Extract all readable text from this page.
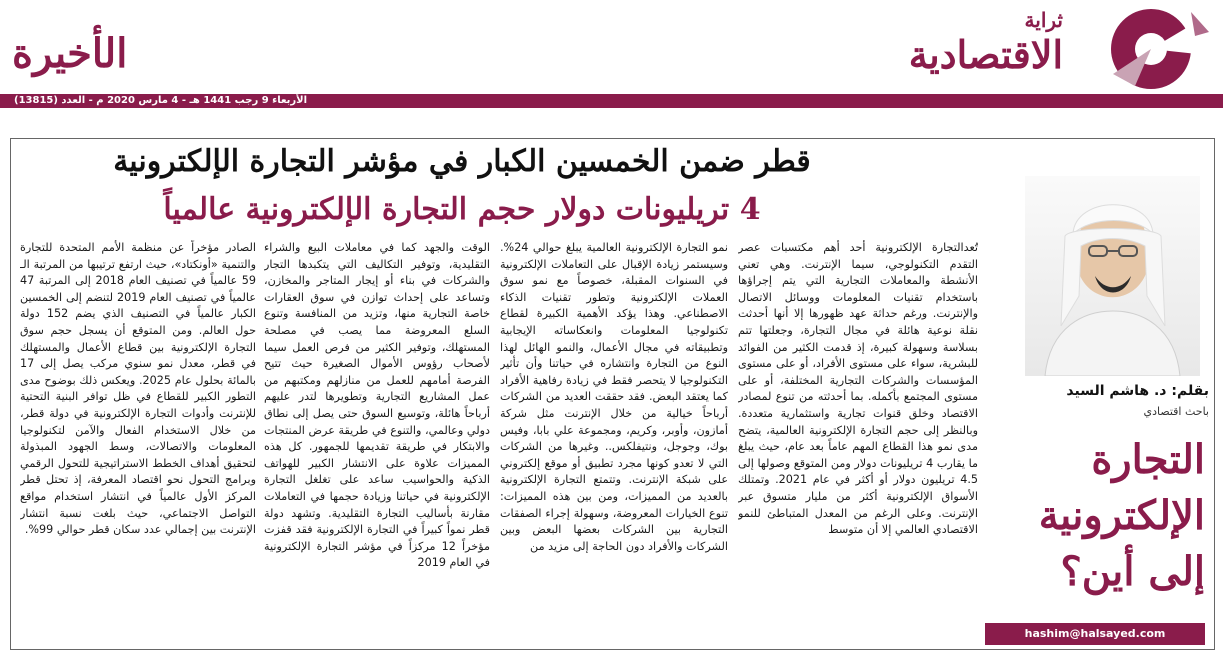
الأخيرة
ثراية
الاقتصادية
الأربعاء 9 رجب 1441 هـ - 4 مارس 2020 م - العدد (13815)
قطر ضمن الخمسين الكبار في مؤشر التجارة الإلكترونية
4 تريليونات دولار حجم التجارة الإلكترونية عالمياً
بقلم: د. هاشم السيد
باحث اقتصادي
التجارة الإلكترونية إلى أين؟
hashim@halsayed.com

تُعدالتجارة الإلكترونية أحد أهم مكتسبات عصر التقدم التكنولوجي، سيما الإنترنت. وهي تعني الأنشطة والمعاملات التجارية التي يتم إجراؤها باستخدام تقنيات المعلومات ووسائل الاتصال والإنترنت. ورغم حداثة عهد ظهورها إلا أنها أحدثت نقلة نوعية هائلة في مجال التجارة، وجعلتها تتم بسلاسة وسهولة كبيرة، إذ قدمت الكثير من الفوائد للبشرية، سواء على مستوى الأفراد، أو على مستوى المؤسسات والشركات التجارية المختلفة، أو على مستوى المجتمع بأكمله. بما أحدثته من تنوع لمصادر الاقتصاد وخلق قنوات تجارية واستثمارية متعددة. وبالنظر إلى حجم التجارة الإلكترونية العالمية، يتضح مدى نمو هذا القطاع المهم عاماً بعد عام، حيث يبلغ ما يقارب 4 تريليونات دولار ومن المتوقع وصولها إلى 4.5 تريليون دولار أو أكثر في عام 2021. وتمتلك الأسواق الإلكترونية أكثر من مليار متسوق عبر الإنترنت. وعلى الرغم من المعدل المتباطئ للنمو الاقتصادي العالمي إلا أن متوسط

نمو التجارة الإلكترونية العالمية يبلغ حوالي 24%. وسيستمر زيادة الإقبال على التعاملات الإلكترونية في السنوات المقبلة، خصوصاً مع نمو سوق العملات الإلكترونية وتطور تقنيات الذكاء الاصطناعي. وهذا يؤكد الأهمية الكبيرة لقطاع تكنولوجيا المعلومات وانعكاساته الإيجابية وتطبيقاته في مجال الأعمال، والنمو الهائل لهذا النوع من التجارة وانتشاره في حياتنا وأن تأثير التكنولوجيا لا يتحصر فقط في زيادة رفاهية الأفراد كما يعتقد البعض. فقد حققت العديد من الشركات أرباحاً خيالية من خلال الإنترنت مثل شركة أمازون، وأوبر، وكريم، ومجموعة علي بابا، وفيس بوك، وجوجل، ونتيفلكس.. وغيرها من الشركات التي لا تعدو كونها مجرد تطبيق أو موقع إلكتروني على شبكة الإنترنت. وتتمتع التجارة الإلكترونية بالعديد من المميزات، ومن بين هذه المميزات: تنوع الخيارات المعروضة، وسهولة إجراء الصفقات التجارية بين الشركات بعضها البعض وبين الشركات والأفراد دون الحاجة إلى مزيد من

الوقت والجهد كما في معاملات البيع والشراء التقليدية، وتوفير التكاليف التي يتكبدها التجار والشركات في بناء أو إيجار المتاجر والمخازن، وتساعد على إحداث توازن في سوق العقارات خاصة التجارية منها، وتزيد من المنافسة وتنوع السلع المعروضة مما يصب في مصلحة المستهلك، وتوفير الكثير من فرص العمل سيما لأصحاب رؤوس الأموال الصغيرة حيث تتيح الفرصة أمامهم للعمل من منازلهم ومكتبهم من عمل المشاريع التجارية وتطويرها لتدر عليهم أرباحاً هائلة، وتوسيع السوق حتى يصل إلى نطاق دولي وعالمي، والتنوع في طريقة عرض المنتجات والابتكار في طريقة تقديمها للجمهور. كل هذه المميزات علاوة على الانتشار الكبير للهواتف الذكية والحواسيب ساعد على تغلغل التجارة الإلكترونية في حياتنا وزيادة حجمها في التعاملات مقارنة بأساليب التجارة التقليدية. وتشهد دولة قطر نمواً كبيراً في التجارة الإلكترونية فقد قفزت مؤخراً 12 مركزاً في مؤشر التجارة الإلكترونية في العام 2019

الصادر مؤخراً عن منظمة الأمم المتحدة للتجارة والتنمية «أونكتاد»، حيث ارتفع ترتيبها من المرتبة الـ 59 عالمياً في تصنيف العام 2018 إلى المرتبة 47 عالمياً في تصنيف العام 2019 لتنضم إلى الخمسين الكبار عالمياً في التصنيف الذي يضم 152 دولة حول العالم. ومن المتوقع أن يسجل حجم سوق التجارة الإلكترونية بين قطاع الأعمال والمستهلك في قطر، معدل نمو سنوي مركب يصل إلى 17 بالمائة بحلول عام 2025. ويعكس ذلك بوضوح مدى التطور الكبير للقطاع في ظل توافر البنية التحتية للإنترنت وأدوات التجارة الإلكترونية في دولة قطر، من خلال الاستخدام الفعال والآمن لتكنولوجيا المعلومات والاتصالات، وسط الجهود المبذولة لتحقيق أهداف الخطط الاستراتيجية للتحول الرقمي وبرامج التحول نحو اقتصاد المعرفة، إذ تحتل قطر المركز الأول عالمياً في انتشار استخدام مواقع التواصل الاجتماعي، حيث بلغت نسبة انتشار الإنترنت بين إجمالي عدد سكان قطر حوالي 99%.
